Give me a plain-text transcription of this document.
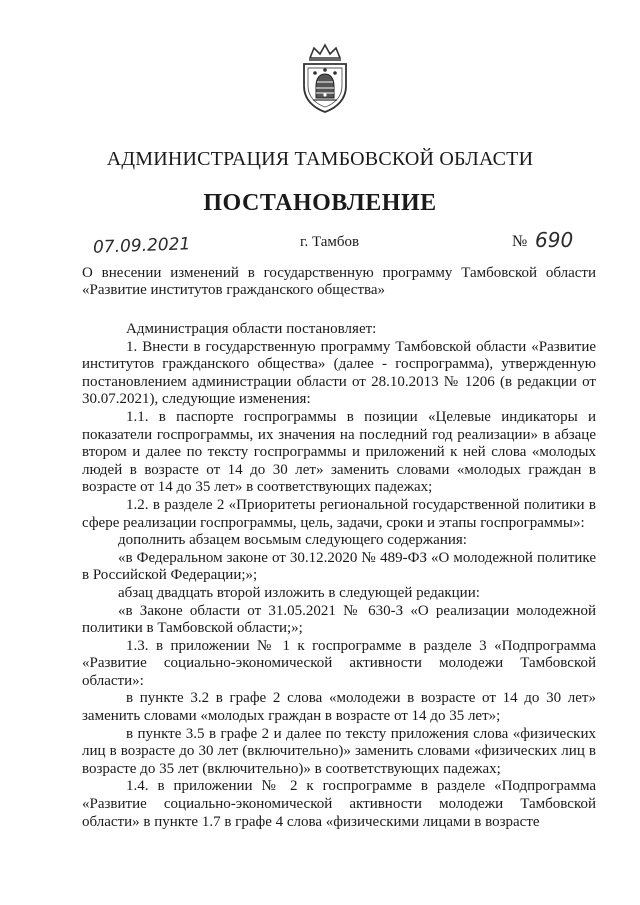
АДМИНИСТРАЦИЯ ТАМБОВСКОЙ ОБЛАСТИ
ПОСТАНОВЛЕНИЕ
07.09.2021	г. Тамбов	№ 690
О внесении изменений в государственную программу Тамбовской области
«Развитие институтов гражданского общества»

Администрация области постановляет:

1. Внести в государственную программу Тамбовской области «Развитие институтов гражданского общества» (далее - госпрограмма), утвержденную постановлением администрации области от 28.10.2013 № 1206 (в редакции от 30.07.2021), следующие изменения:

1.1. в паспорте госпрограммы в позиции «Целевые индикаторы и показатели госпрограммы, их значения на последний год реализации» в абзаце втором и далее по тексту госпрограммы и приложений к ней слова «молодых людей в возрасте от 14 до 30 лет» заменить словами «молодых граждан в возрасте от 14 до 35 лет» в соответствующих падежах;

1.2. в разделе 2 «Приоритеты региональной государственной политики в сфере реализации госпрограммы, цель, задачи, сроки и этапы госпрограммы»:

дополнить абзацем восьмым следующего содержания:

«в Федеральном законе от 30.12.2020 № 489-ФЗ «О молодежной политике в Российской Федерации;»;

абзац двадцать второй изложить в следующей редакции:

«в Законе области от 31.05.2021 № 630-З «О реализации молодежной политики в Тамбовской области;»;

1.3. в приложении № 1 к госпрограмме в разделе 3 «Подпрограмма «Развитие социально-экономической активности молодежи Тамбовской области»:

в пункте 3.2 в графе 2 слова «молодежи в возрасте от 14 до 30 лет» заменить словами «молодых граждан в возрасте от 14 до 35 лет»;

в пункте 3.5 в графе 2 и далее по тексту приложения слова «физических лиц в возрасте до 30 лет (включительно)» заменить словами «физических лиц в возрасте до 35 лет (включительно)» в соответствующих падежах;

1.4. в приложении № 2 к госпрограмме в разделе «Подпрограмма «Развитие социально-экономической активности молодежи Тамбовской области» в пункте 1.7 в графе 4 слова «физическими лицами в возрасте
